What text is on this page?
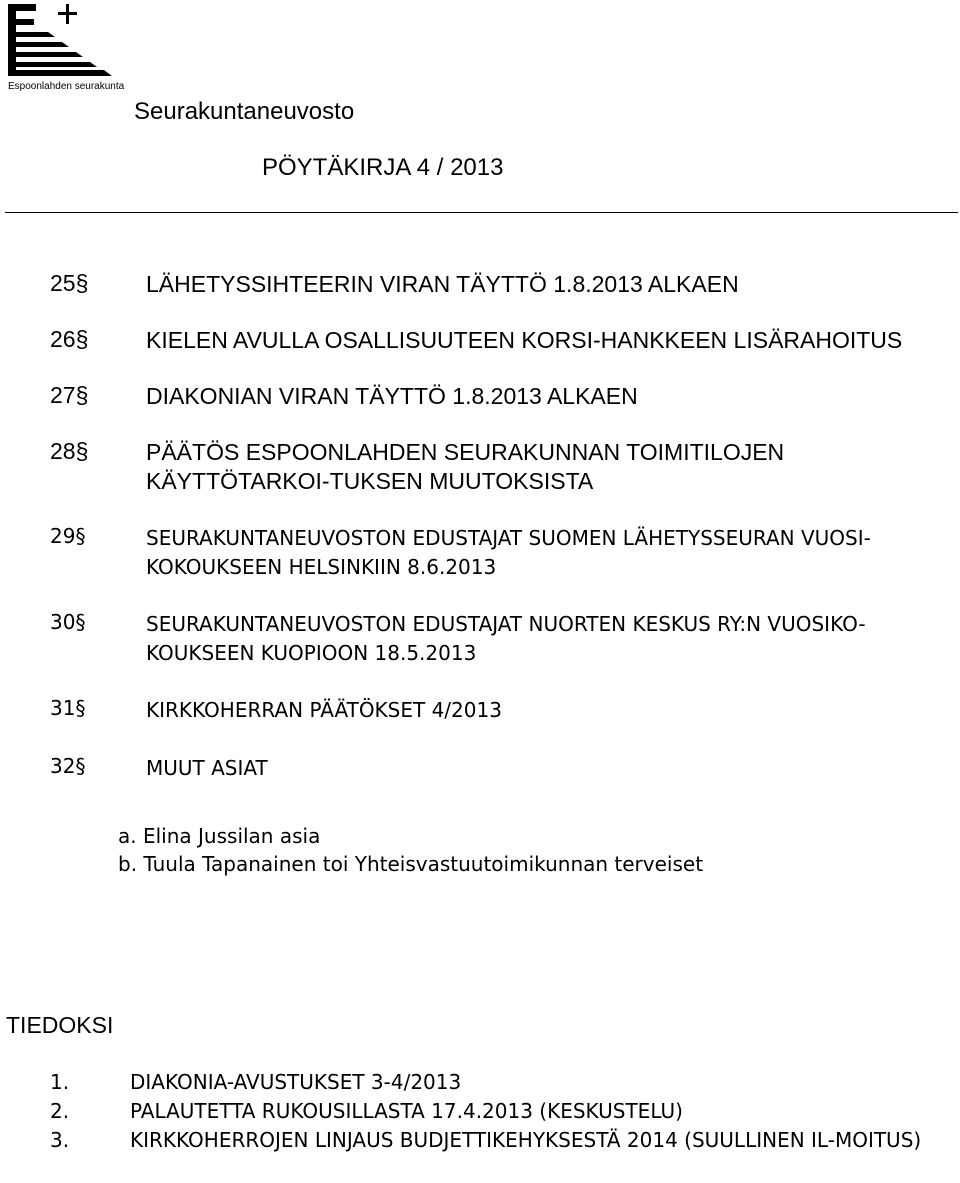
Espoonlahden seurakunta
Seurakuntaneuvosto
PÖYTÄKIRJA 4 / 2013
25§	LÄHETYSSIHTEERIN VIRAN TÄYTTÖ 1.8.2013 ALKAEN
26§	KIELEN AVULLA OSALLISUUTEEN KORSI-HANKKEEN LISÄRAHOITUS
27§	DIAKONIAN VIRAN TÄYTTÖ 1.8.2013 ALKAEN
28§	PÄÄTÖS ESPOONLAHDEN SEURAKUNNAN TOIMITILOJEN KÄYTTÖTARKOI-TUKSEN MUUTOKSISTA
29§	SEURAKUNTANEUVOSTON EDUSTAJAT SUOMEN LÄHETYSSEURAN VUOSI-KOKOUKSEEN HELSINKIIN 8.6.2013
30§	SEURAKUNTANEUVOSTON EDUSTAJAT NUORTEN KESKUS RY:N VUOSIKO-KOUKSEEN KUOPIOON 18.5.2013
31§	KIRKKOHERRAN PÄÄTÖKSET 4/2013
32§	MUUT ASIAT
a. Elina Jussilan asia
b. Tuula Tapanainen toi Yhteisvastuutoimikunnan terveiset
TIEDOKSI
1.	DIAKONIA-AVUSTUKSET 3-4/2013
2.	PALAUTETTA RUKOUSILLASTA 17.4.2013 (KESKUSTELU)
3.	KIRKKOHERROJEN LINJAUS BUDJETTIKEHYKSESTÄ 2014 (SUULLINEN IL-MOITUS)
